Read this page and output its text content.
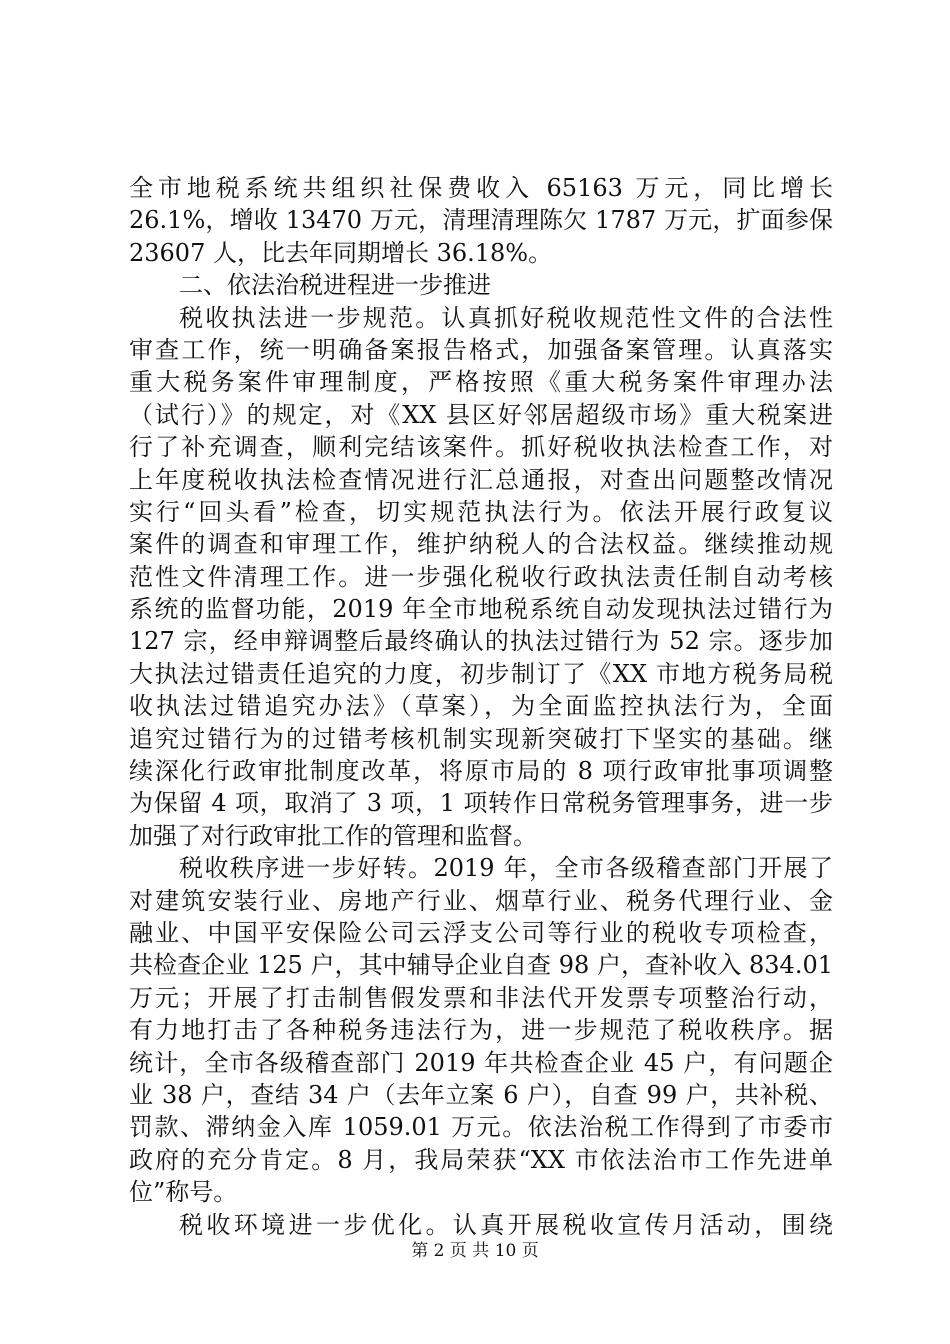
全市地税系统共组织社保费收入 65163 万元，同比增长
26.1%，增收 13470 万元，清理清理陈欠 1787 万元，扩面参保
23607 人，比去年同期增长 36.18%。
二、依法治税进程进一步推进
税收执法进一步规范。认真抓好税收规范性文件的合法性
审查工作，统一明确备案报告格式，加强备案管理。认真落实
重大税务案件审理制度，严格按照《重大税务案件审理办法
（试行）》的规定，对《XX 县区好邻居超级市场》重大税案进
行了补充调查，顺利完结该案件。抓好税收执法检查工作，对
上年度税收执法检查情况进行汇总通报，对查出问题整改情况
实行“回头看”检查，切实规范执法行为。依法开展行政复议
案件的调查和审理工作，维护纳税人的合法权益。继续推动规
范性文件清理工作。进一步强化税收行政执法责任制自动考核
系统的监督功能，2019 年全市地税系统自动发现执法过错行为
127 宗，经申辩调整后最终确认的执法过错行为 52 宗。逐步加
大执法过错责任追究的力度，初步制订了《XX 市地方税务局税
收执法过错追究办法》（草案），为全面监控执法行为，全面
追究过错行为的过错考核机制实现新突破打下坚实的基础。继
续深化行政审批制度改革，将原市局的 8 项行政审批事项调整
为保留 4 项，取消了 3 项，1 项转作日常税务管理事务，进一步
加强了对行政审批工作的管理和监督。
税收秩序进一步好转。2019 年，全市各级稽查部门开展了
对建筑安装行业、房地产行业、烟草行业、税务代理行业、金
融业、中国平安保险公司云浮支公司等行业的税收专项检查，
共检查企业 125 户，其中辅导企业自查 98 户，查补收入 834.01
万元；开展了打击制售假发票和非法代开发票专项整治行动，
有力地打击了各种税务违法行为，进一步规范了税收秩序。据
统计，全市各级稽查部门 2019 年共检查企业 45 户，有问题企
业 38 户，查结 34 户（去年立案 6 户），自查 99 户，共补税、
罚款、滞纳金入库 1059.01 万元。依法治税工作得到了市委市
政府的充分肯定。8 月，我局荣获“XX 市依法治市工作先进单
位”称号。
税收环境进一步优化。认真开展税收宣传月活动，围绕
第 2 页 共 10 页
